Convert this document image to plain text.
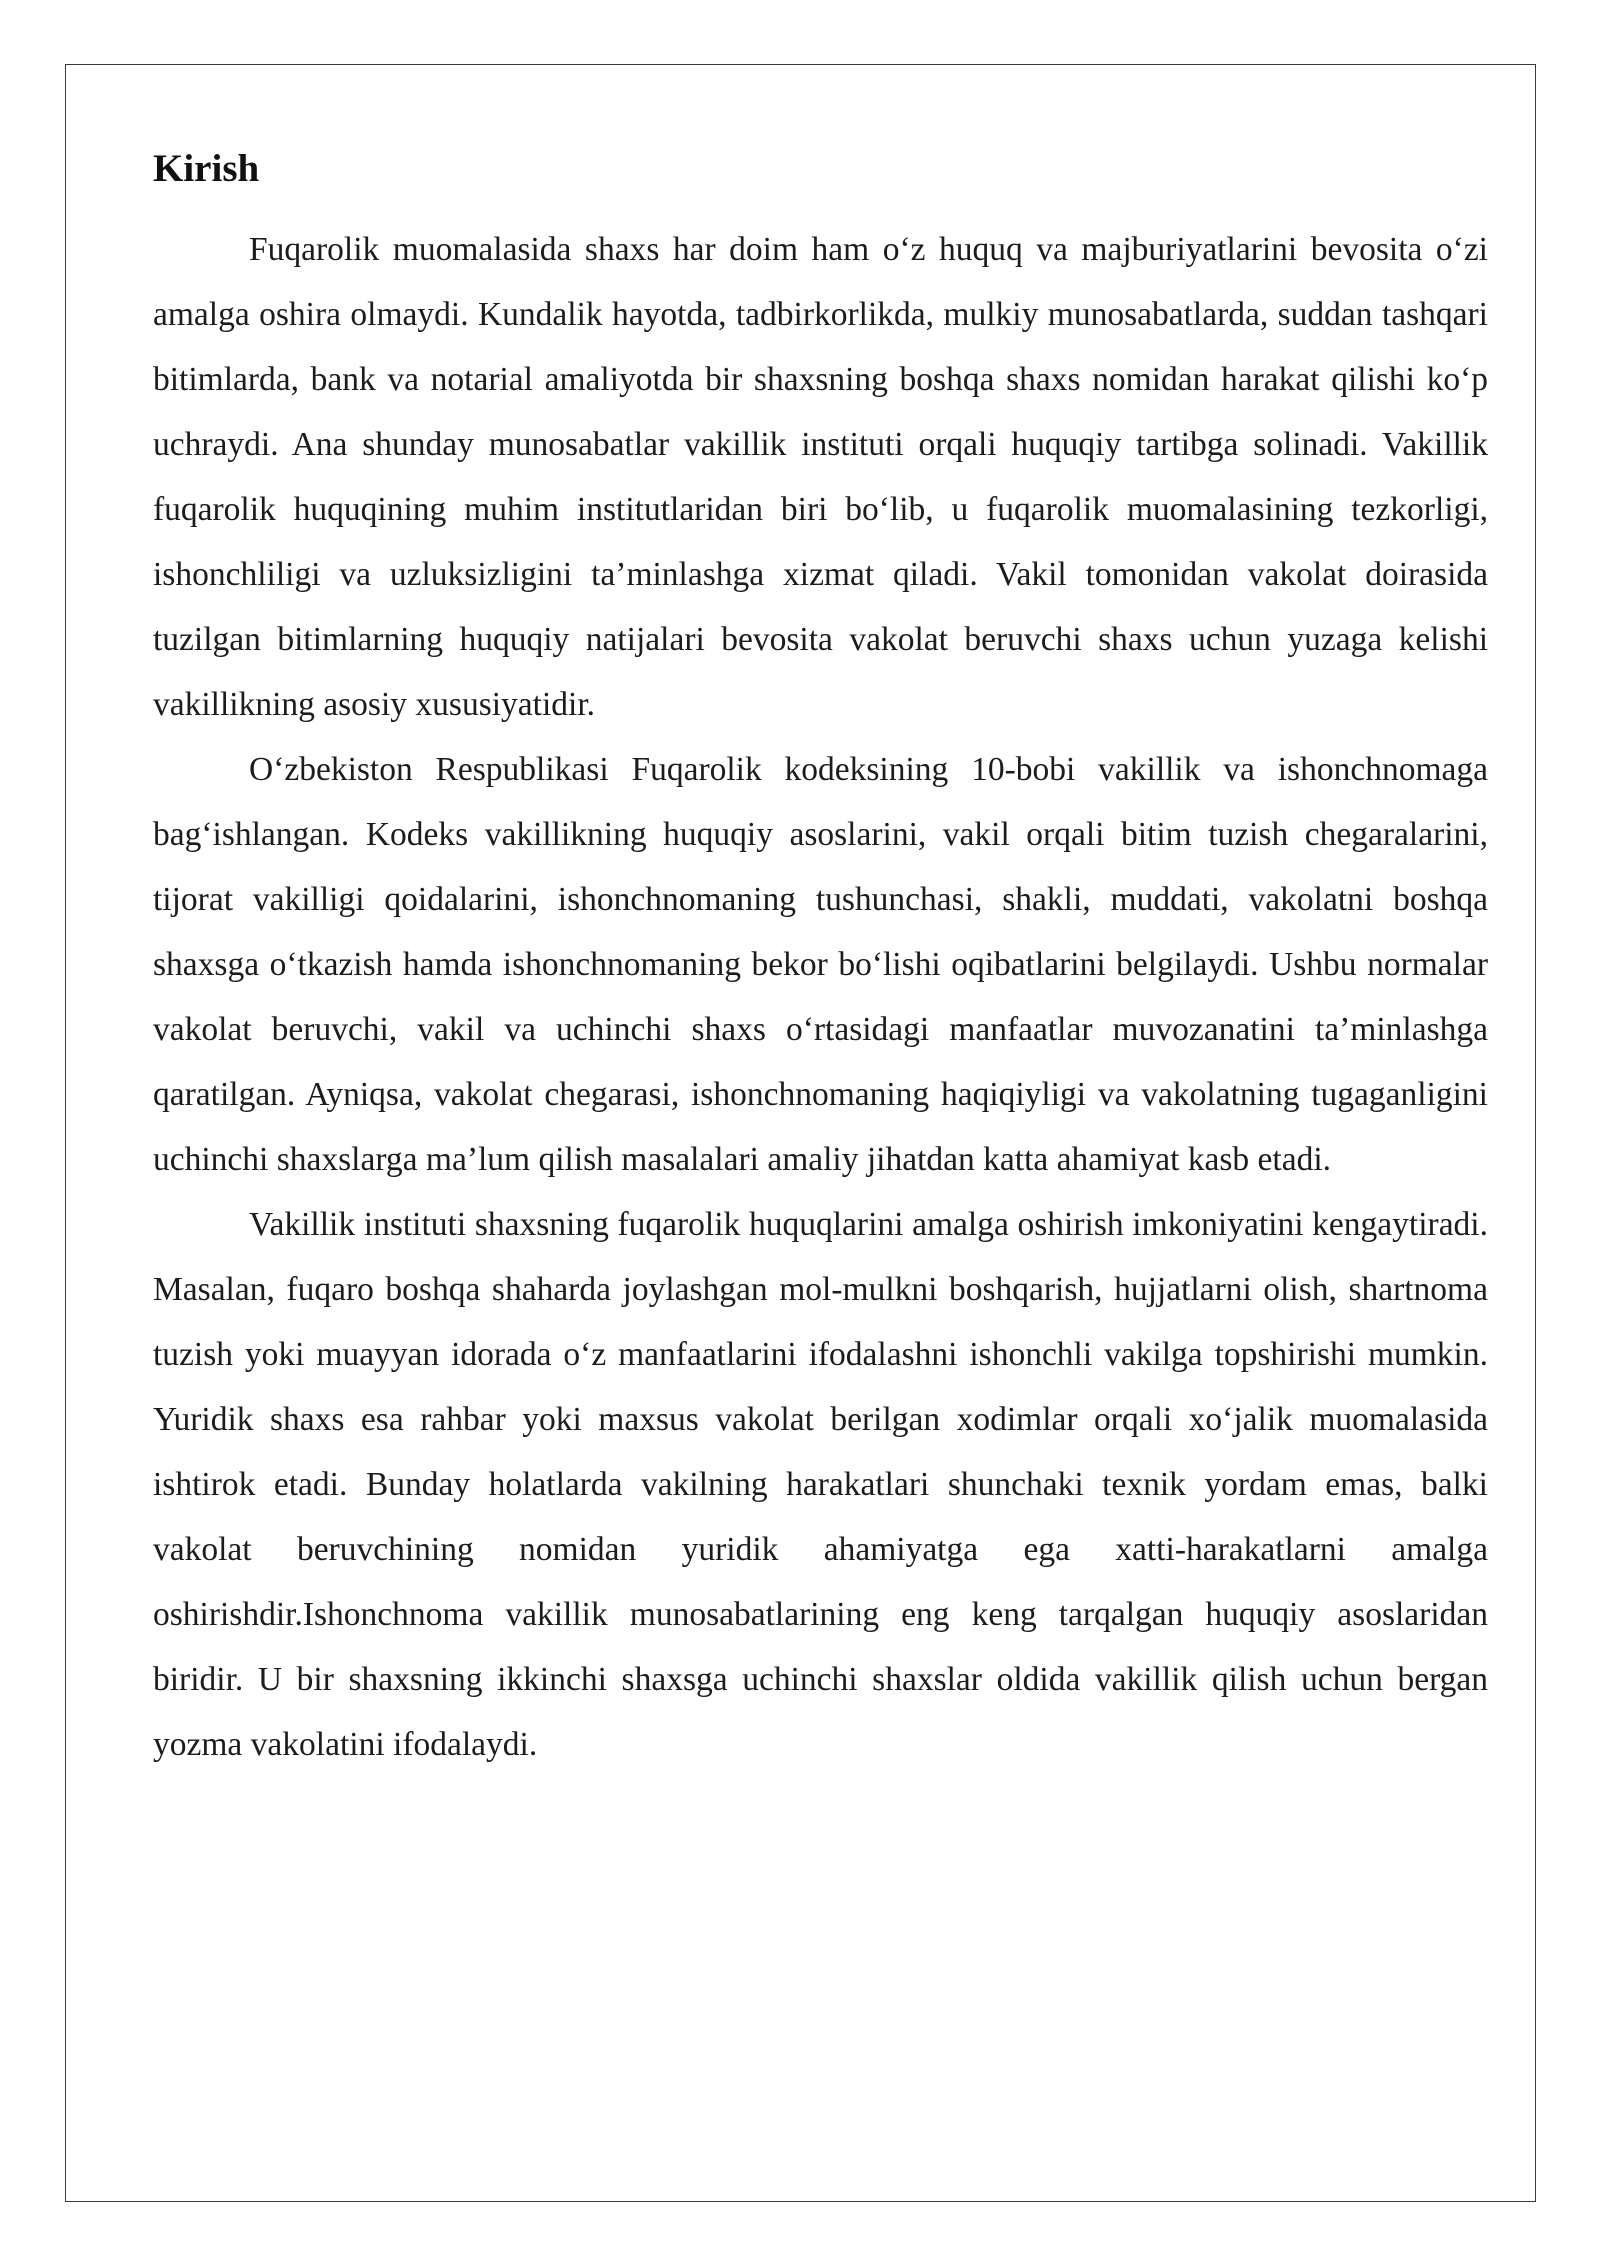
Kirish

Fuqarolik muomalasida shaxs har doim ham o‘z huquq va majburiyatlarini bevosita o‘zi amalga oshira olmaydi. Kundalik hayotda, tadbirkorlikda, mulkiy munosabatlarda, suddan tashqari bitimlarda, bank va notarial amaliyotda bir shaxsning boshqa shaxs nomidan harakat qilishi ko‘p uchraydi. Ana shunday munosabatlar vakillik instituti orqali huquqiy tartibga solinadi. Vakillik fuqarolik huquqining muhim institutlaridan biri bo‘lib, u fuqarolik muomalasining tezkorligi, ishonchliligi va uzluksizligini ta’minlashga xizmat qiladi. Vakil tomonidan vakolat doirasida tuzilgan bitimlarning huquqiy natijalari bevosita vakolat beruvchi shaxs uchun yuzaga kelishi vakillikning asosiy xususiyatidir.

O‘zbekiston Respublikasi Fuqarolik kodeksining 10-bobi vakillik va ishonchnomaga bag‘ishlangan. Kodeks vakillikning huquqiy asoslarini, vakil orqali bitim tuzish chegaralarini, tijorat vakilligi qoidalarini, ishonchnomaning tushunchasi, shakli, muddati, vakolatni boshqa shaxsga o‘tkazish hamda ishonchnomaning bekor bo‘lishi oqibatlarini belgilaydi. Ushbu normalar vakolat beruvchi, vakil va uchinchi shaxs o‘rtasidagi manfaatlar muvozanatini ta’minlashga qaratilgan. Ayniqsa, vakolat chegarasi, ishonchnomaning haqiqiyligi va vakolatning tugaganligini uchinchi shaxslarga ma’lum qilish masalalari amaliy jihatdan katta ahamiyat kasb etadi.

Vakillik instituti shaxsning fuqarolik huquqlarini amalga oshirish imkoniyatini kengaytiradi. Masalan, fuqaro boshqa shaharda joylashgan mol-mulkni boshqarish, hujjatlarni olish, shartnoma tuzish yoki muayyan idorada o‘z manfaatlarini ifodalashni ishonchli vakilga topshirishi mumkin. Yuridik shaxs esa rahbar yoki maxsus vakolat berilgan xodimlar orqali xo‘jalik muomalasida ishtirok etadi. Bunday holatlarda vakilning harakatlari shunchaki texnik yordam emas, balki vakolat beruvchining nomidan yuridik ahamiyatga ega xatti-harakatlarni amalga oshirishdir.Ishonchnoma vakillik munosabatlarining eng keng tarqalgan huquqiy asoslaridan biridir. U bir shaxsning ikkinchi shaxsga uchinchi shaxslar oldida vakillik qilish uchun bergan yozma vakolatini ifodalaydi.
